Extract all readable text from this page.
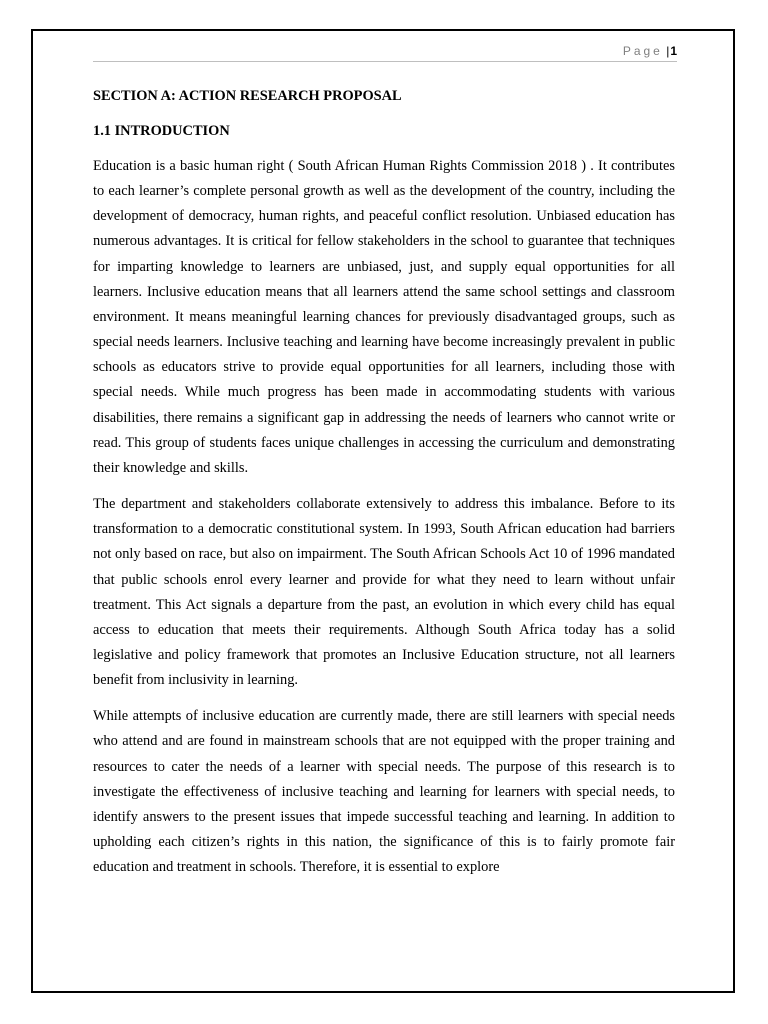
Page |1
SECTION A: ACTION RESEARCH PROPOSAL
1.1 INTRODUCTION

Education is a basic human right ( South African Human Rights Commission 2018 ) . It contributes to each learner’s complete personal growth as well as the development of the country, including the development of democracy, human rights, and peaceful conflict resolution. Unbiased education has numerous advantages. It is critical for fellow stakeholders in the school to guarantee that techniques for imparting knowledge to learners are unbiased, just, and supply equal opportunities for all learners. Inclusive education means that all learners attend the same school settings and classroom environment. It means meaningful learning chances for previously disadvantaged groups, such as special needs learners. Inclusive teaching and learning have become increasingly prevalent in public schools as educators strive to provide equal opportunities for all learners, including those with special needs. While much progress has been made in accommodating students with various disabilities, there remains a significant gap in addressing the needs of learners who cannot write or read. This group of students faces unique challenges in accessing the curriculum and demonstrating their knowledge and skills.

The department and stakeholders collaborate extensively to address this imbalance. Before to its transformation to a democratic constitutional system. In 1993, South African education had barriers not only based on race, but also on impairment. The South African Schools Act 10 of 1996 mandated that public schools enrol every learner and provide for what they need to learn without unfair treatment. This Act signals a departure from the past, an evolution in which every child has equal access to education that meets their requirements. Although South Africa today has a solid legislative and policy framework that promotes an Inclusive Education structure, not all learners benefit from inclusivity in learning.

While attempts of inclusive education are currently made, there are still learners with special needs who attend and are found in mainstream schools that are not equipped with the proper training and resources to cater the needs of a learner with special needs. The purpose of this research is to investigate the effectiveness of inclusive teaching and learning for learners with special needs, to identify answers to the present issues that impede successful teaching and learning. In addition to upholding each citizen’s rights in this nation, the significance of this is to fairly promote fair education and treatment in schools. Therefore, it is essential to explore
